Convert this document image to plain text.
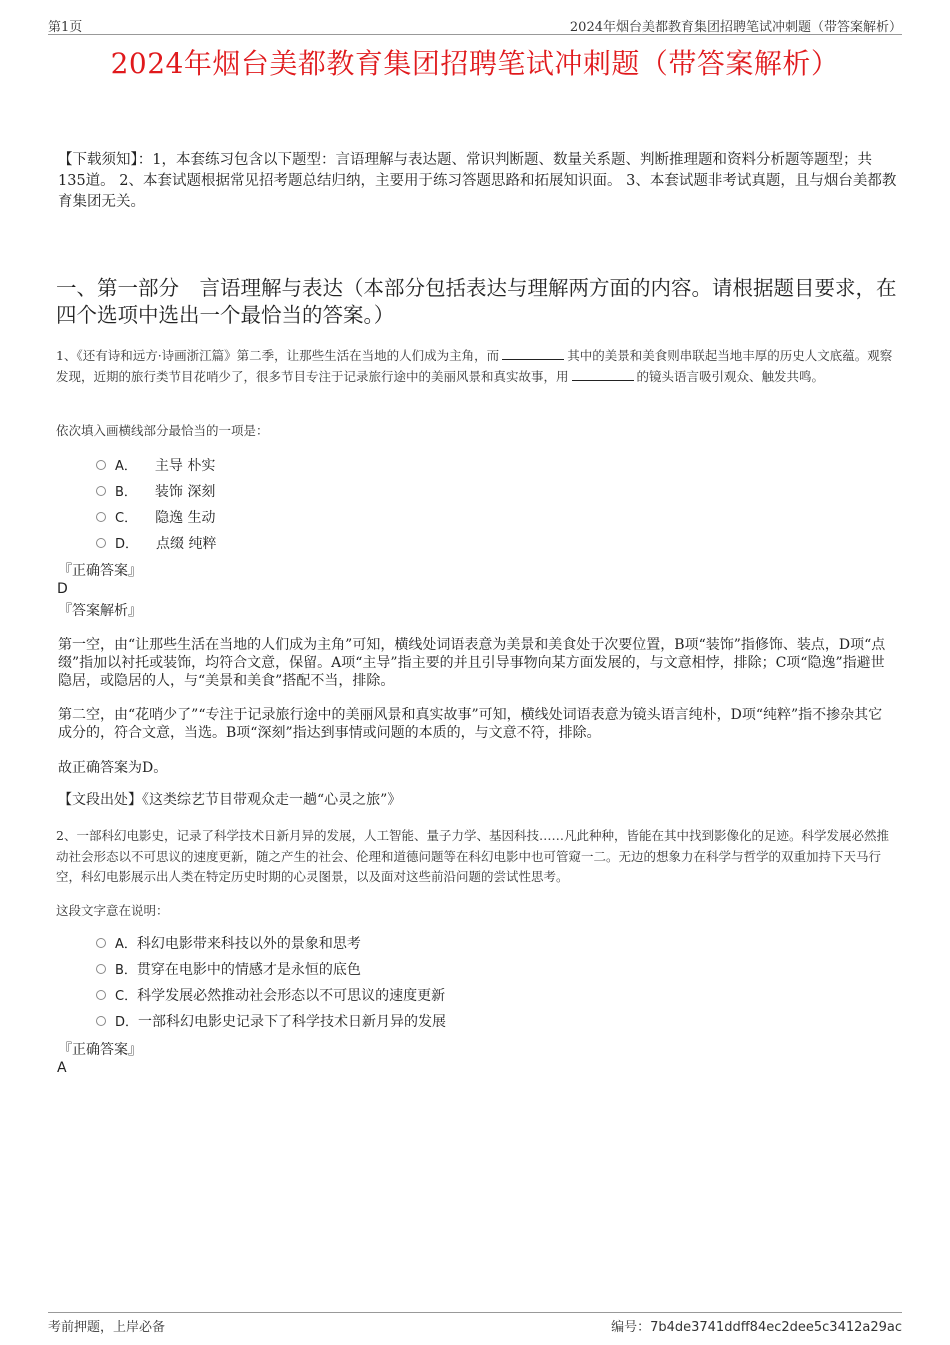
第1页	2024年烟台美都教育集团招聘笔试冲刺题（带答案解析）
2024年烟台美都教育集团招聘笔试冲刺题（带答案解析）
【下载须知】：1，本套练习包含以下题型：言语理解与表达题、常识判断题、数量关系题、判断推理题和资料分析题等题型；共135道。 2、本套试题根据常见招考题总结归纳，主要用于练习答题思路和拓展知识面。 3、本套试题非考试真题，且与烟台美都教育集团无关。
一、第一部分　言语理解与表达（本部分包括表达与理解两方面的内容。请根据题目要求，在四个选项中选出一个最恰当的答案。）
1、《还有诗和远方·诗画浙江篇》第二季，让那些生活在当地的人们成为主角，而	其中的美景和美食则串联起当地丰厚的历史人文底蕴。观察发现，近期的旅行类节目花哨少了，很多节目专注于记录旅行途中的美丽风景和真实故事，用	的镜头语言吸引观众、触发共鸣。
依次填入画横线部分最恰当的一项是：
A． 主导 朴实
B． 装饰 深刻
C． 隐逸 生动
D． 点缀 纯粹
『正确答案』
D
『答案解析』
第一空，由“让那些生活在当地的人们成为主角”可知，横线处词语表意为美景和美食处于次要位置，B项“装饰”指修饰、装点，D项“点缀”指加以衬托或装饰，均符合文意，保留。A项“主导”指主要的并且引导事物向某方面发展的，与文意相悖，排除；C项“隐逸”指避世隐居，或隐居的人，与“美景和美食”搭配不当，排除。
第二空，由“花哨少了”“专注于记录旅行途中的美丽风景和真实故事”可知，横线处词语表意为镜头语言纯朴，D项“纯粹”指不掺杂其它成分的，符合文意，当选。B项“深刻”指达到事情或问题的本质的，与文意不符，排除。
故正确答案为D。
【文段出处】《这类综艺节目带观众走一趟“心灵之旅”》
2、一部科幻电影史，记录了科学技术日新月异的发展，人工智能、量子力学、基因科技……凡此种种，皆能在其中找到影像化的足迹。科学发展必然推动社会形态以不可思议的速度更新，随之产生的社会、伦理和道德问题等在科幻电影中也可管窥一二。无边的想象力在科学与哲学的双重加持下天马行空，科幻电影展示出人类在特定历史时期的心灵图景，以及面对这些前沿问题的尝试性思考。
这段文字意在说明：
A．科幻电影带来科技以外的景象和思考
B．贯穿在电影中的情感才是永恒的底色
C．科学发展必然推动社会形态以不可思议的速度更新
D．一部科幻电影史记录下了科学技术日新月异的发展
『正确答案』
A
考前押题，上岸必备	编号：7b4de3741ddff84ec2dee5c3412a29ac
